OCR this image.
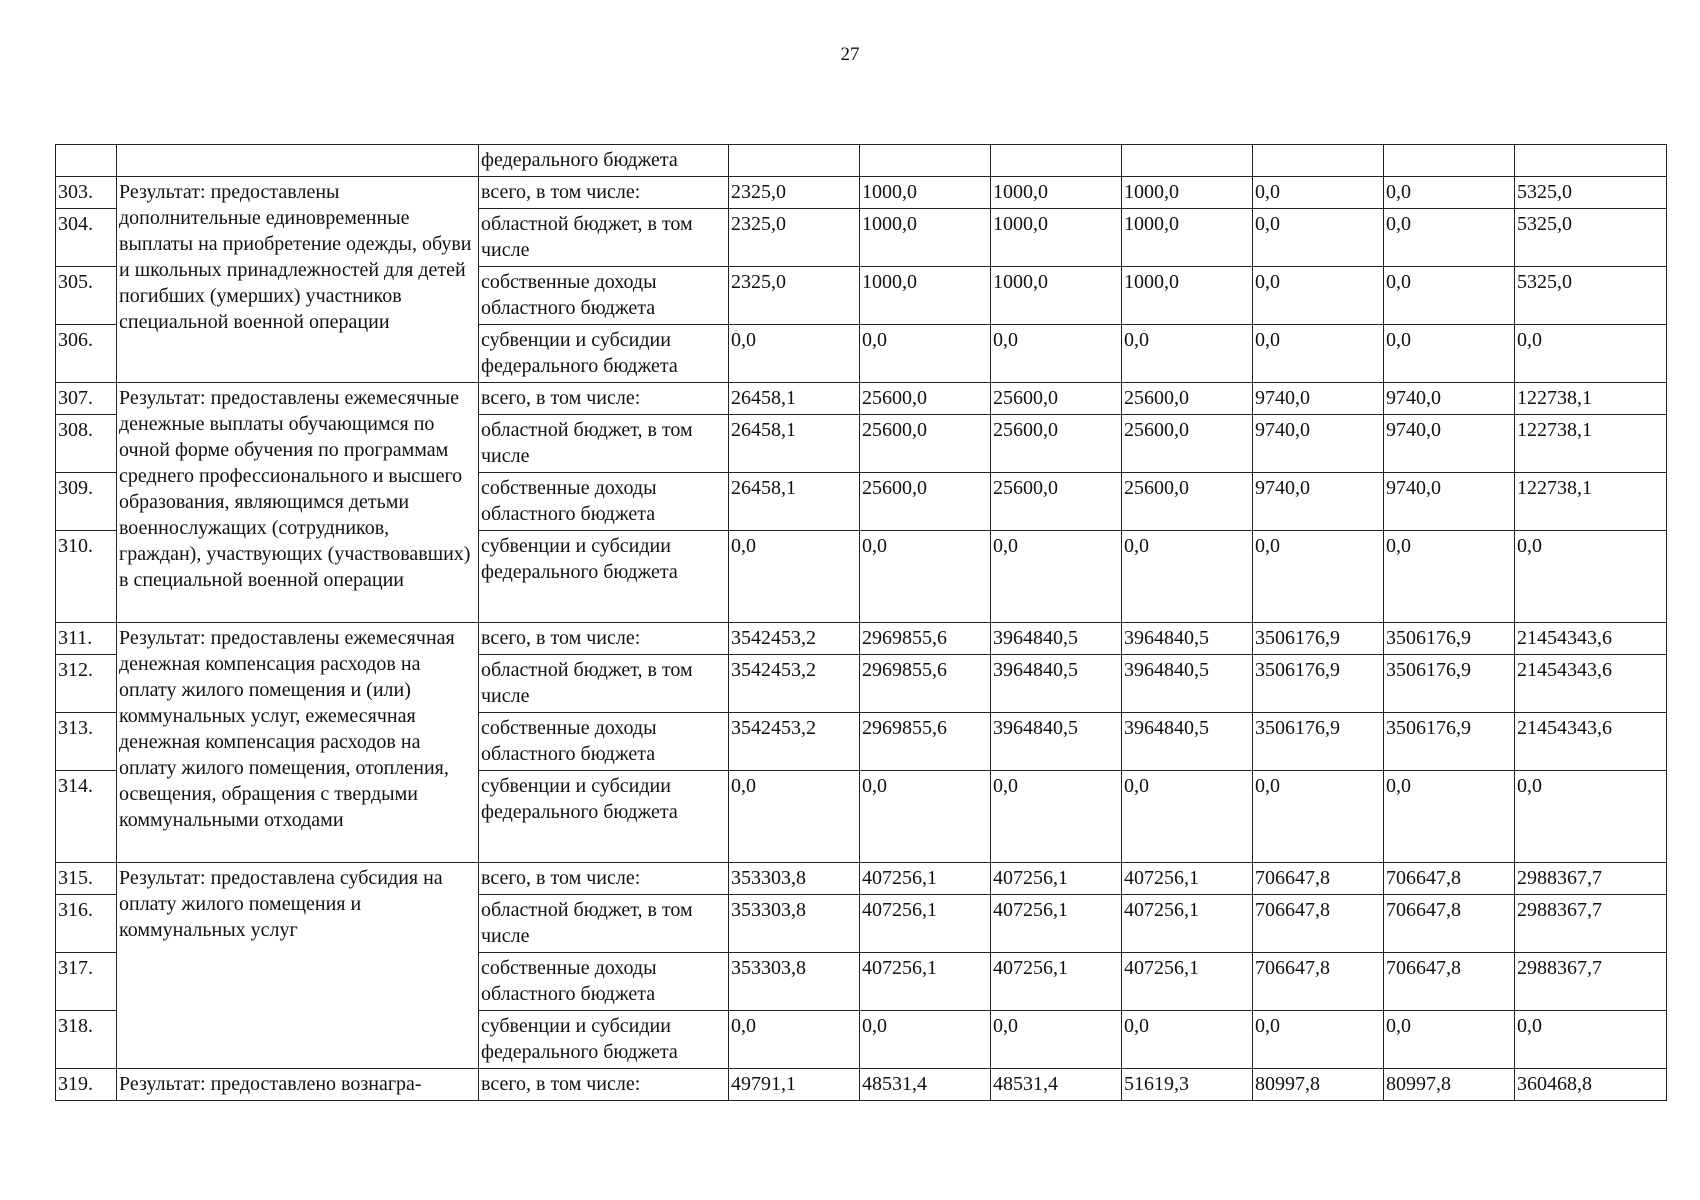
27
		федерального бюджета							
303.	Результат: предоставлены дополнительные единовременные выплаты на приобретение одежды, обуви и школьных принадлежностей для детей погибших (умерших) участников специальной военной операции	всего, в том числе:	2325,0	1000,0	1000,0	1000,0	0,0	0,0	5325,0
304.		областной бюджет, в том числе	2325,0	1000,0	1000,0	1000,0	0,0	0,0	5325,0
305.		собственные доходы областного бюджета	2325,0	1000,0	1000,0	1000,0	0,0	0,0	5325,0
306.		субвенции и субсидии федерального бюджета	0,0	0,0	0,0	0,0	0,0	0,0	0,0
307.	Результат: предоставлены ежемесячные денежные выплаты обучающимся по очной форме обучения по программам среднего профессионального и высшего образования, являющимся детьми военнослужащих (сотрудников, граждан), участвующих (участвовавших) в специальной военной операции	всего, в том числе:	26458,1	25600,0	25600,0	25600,0	9740,0	9740,0	122738,1
308.		областной бюджет, в том числе	26458,1	25600,0	25600,0	25600,0	9740,0	9740,0	122738,1
309.		собственные доходы областного бюджета	26458,1	25600,0	25600,0	25600,0	9740,0	9740,0	122738,1
310.		субвенции и субсидии федерального бюджета	0,0	0,0	0,0	0,0	0,0	0,0	0,0
311.	Результат: предоставлены ежемесячная денежная компенсация расходов на оплату жилого помещения и (или) коммунальных услуг, ежемесячная денежная компенсация расходов на оплату жилого помещения, отопления, освещения, обращения с твердыми коммунальными отходами	всего, в том числе:	3542453,2	2969855,6	3964840,5	3964840,5	3506176,9	3506176,9	21454343,6
312.		областной бюджет, в том числе	3542453,2	2969855,6	3964840,5	3964840,5	3506176,9	3506176,9	21454343,6
313.		собственные доходы областного бюджета	3542453,2	2969855,6	3964840,5	3964840,5	3506176,9	3506176,9	21454343,6
314.		субвенции и субсидии федерального бюджета	0,0	0,0	0,0	0,0	0,0	0,0	0,0
315.	Результат: предоставлена субсидия на оплату жилого помещения и коммунальных услуг	всего, в том числе:	353303,8	407256,1	407256,1	407256,1	706647,8	706647,8	2988367,7
316.		областной бюджет, в том числе	353303,8	407256,1	407256,1	407256,1	706647,8	706647,8	2988367,7
317.		собственные доходы областного бюджета	353303,8	407256,1	407256,1	407256,1	706647,8	706647,8	2988367,7
318.		субвенции и субсидии федерального бюджета	0,0	0,0	0,0	0,0	0,0	0,0	0,0
319.	Результат: предоставлено вознагра-	всего, в том числе:	49791,1	48531,4	48531,4	51619,3	80997,8	80997,8	360468,8
